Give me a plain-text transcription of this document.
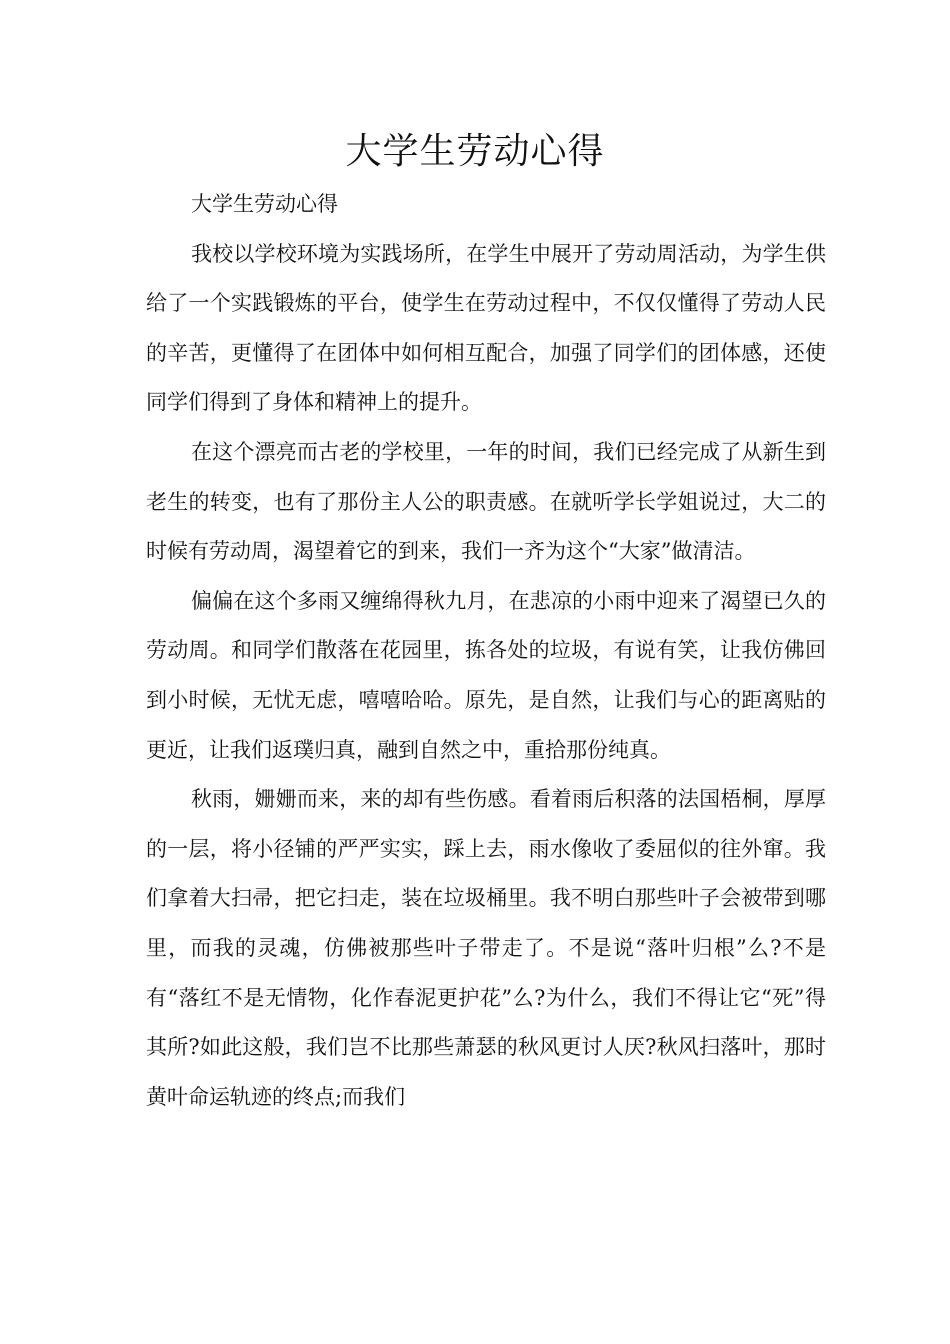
大学生劳动心得

大学生劳动心得

我校以学校环境为实践场所，在学生中展开了劳动周活动，为学生供给了一个实践锻炼的平台，使学生在劳动过程中，不仅仅懂得了劳动人民的辛苦，更懂得了在团体中如何相互配合，加强了同学们的团体感，还使同学们得到了身体和精神上的提升。

在这个漂亮而古老的学校里，一年的时间，我们已经完成了从新生到老生的转变，也有了那份主人公的职责感。在就听学长学姐说过，大二的时候有劳动周，渴望着它的到来，我们一齐为这个“大家”做清洁。

偏偏在这个多雨又缠绵得秋九月，在悲凉的小雨中迎来了渴望已久的劳动周。和同学们散落在花园里，拣各处的垃圾，有说有笑，让我仿佛回到小时候，无忧无虑，嘻嘻哈哈。原先，是自然，让我们与心的距离贴的更近，让我们返璞归真，融到自然之中，重拾那份纯真。

秋雨，姗姗而来，来的却有些伤感。看着雨后积落的法国梧桐，厚厚的一层，将小径铺的严严实实，踩上去，雨水像收了委屈似的往外窜。我们拿着大扫帚，把它扫走，装在垃圾桶里。我不明白那些叶子会被带到哪里，而我的灵魂，仿佛被那些叶子带走了。不是说“落叶归根”么?不是有“落红不是无情物，化作春泥更护花”么?为什么，我们不得让它“死”得其所?如此这般，我们岂不比那些萧瑟的秋风更讨人厌?秋风扫落叶，那时黄叶命运轨迹的终点;而我们
